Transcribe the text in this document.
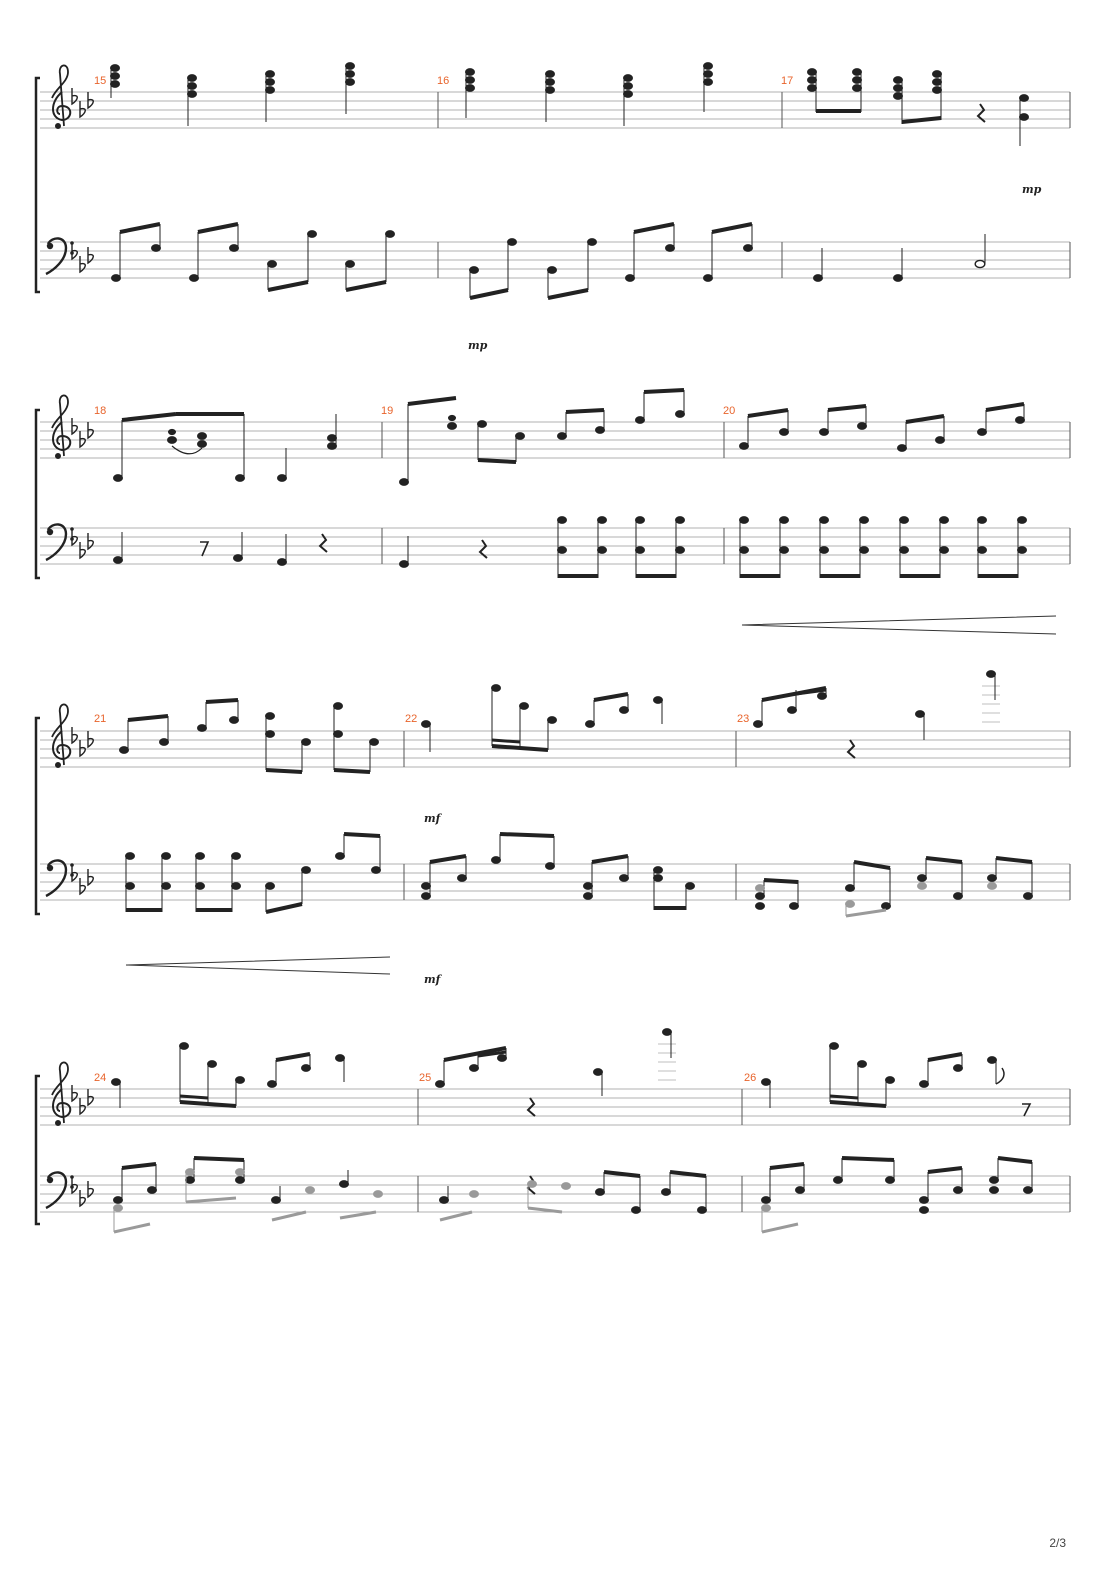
15	16	17
mp
mp
18	19	20
21	22	23
mf
mf
24	25	26
2/3
